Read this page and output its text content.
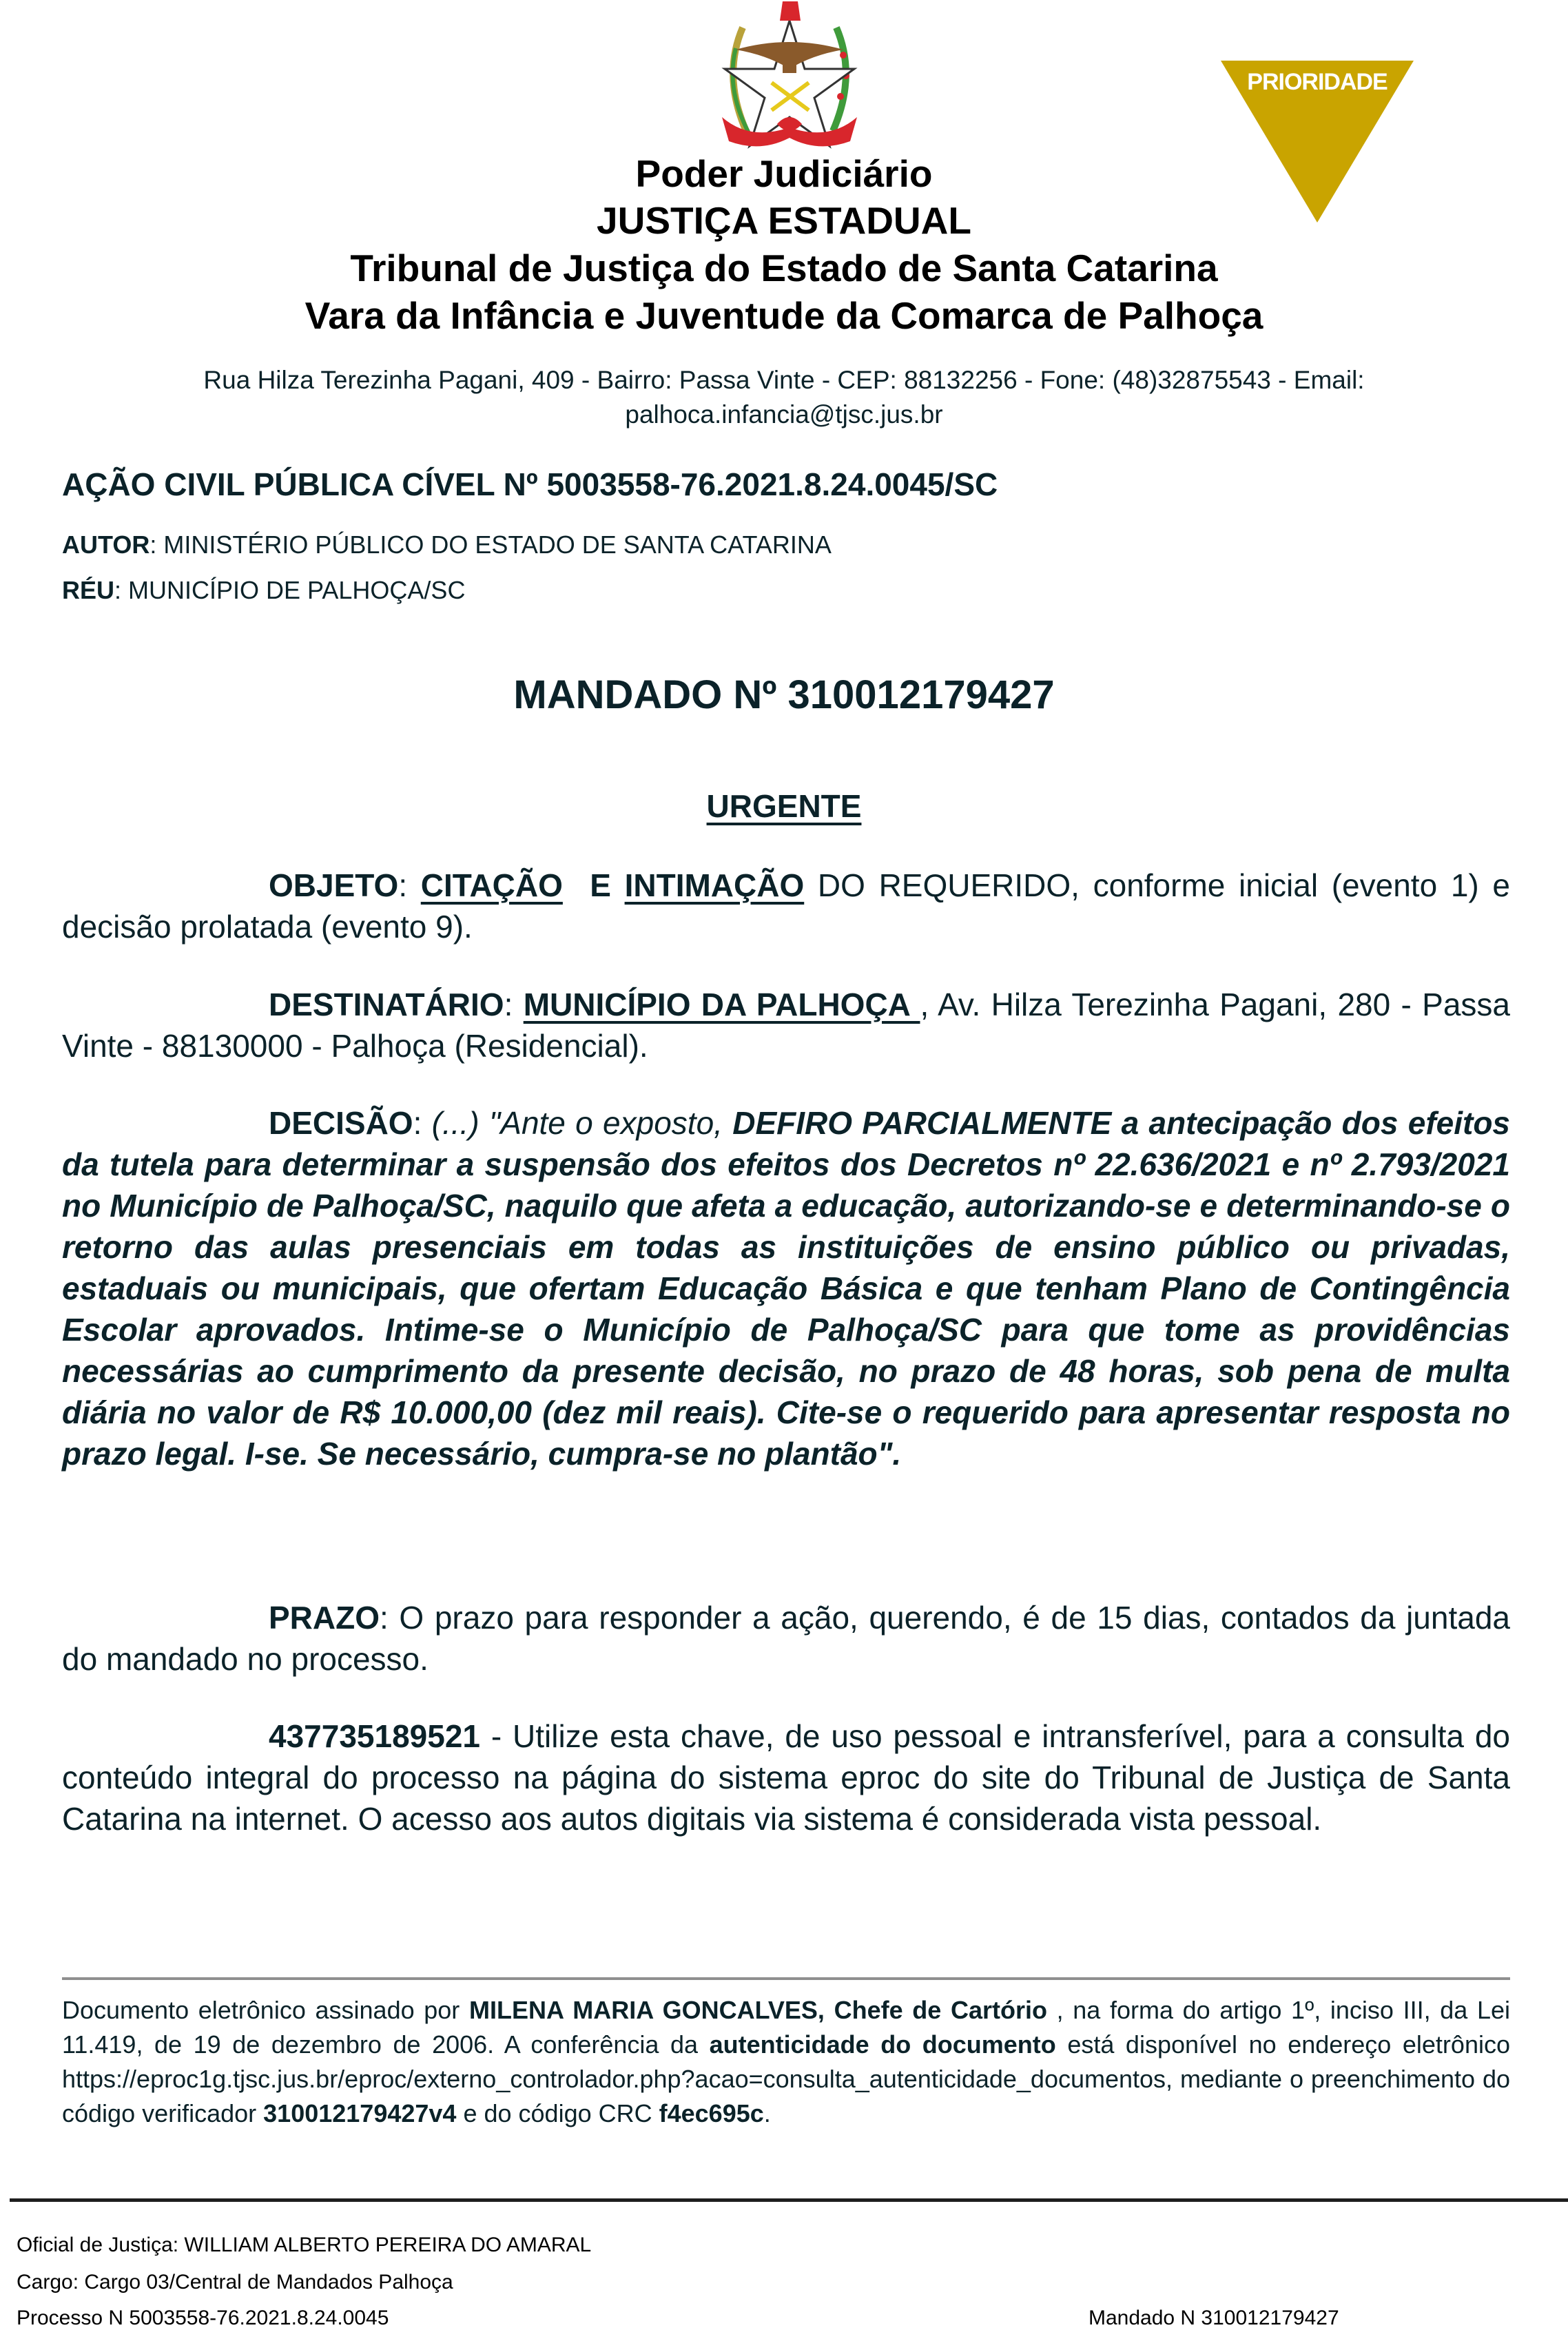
PRIORIDADE
Poder Judiciário
JUSTIÇA ESTADUAL
Tribunal de Justiça do Estado de Santa Catarina
Vara da Infância e Juventude da Comarca de Palhoça
Rua Hilza Terezinha Pagani, 409 - Bairro: Passa Vinte - CEP: 88132256 - Fone: (48)32875543 - Email:
palhoca.infancia@tjsc.jus.br
AÇÃO CIVIL PÚBLICA CÍVEL Nº 5003558-76.2021.8.24.0045/SC
AUTOR: MINISTÉRIO PÚBLICO DO ESTADO DE SANTA CATARINA
RÉU: MUNICÍPIO DE PALHOÇA/SC
MANDADO Nº 310012179427
URGENTE
OBJETO: CITAÇÃO E INTIMAÇÃO DO REQUERIDO, conforme inicial (evento 1) e decisão prolatada (evento 9).
DESTINATÁRIO: MUNICÍPIO DA PALHOÇA , Av. Hilza Terezinha Pagani, 280 - Passa Vinte - 88130000 - Palhoça (Residencial).
DECISÃO: (...) "Ante o exposto, DEFIRO PARCIALMENTE a antecipação dos efeitos da tutela para determinar a suspensão dos efeitos dos Decretos nº 22.636/2021 e nº 2.793/2021 no Município de Palhoça/SC, naquilo que afeta a educação, autorizando-se e determinando-se o retorno das aulas presenciais em todas as instituições de ensino público ou privadas, estaduais ou municipais, que ofertam Educação Básica e que tenham Plano de Contingência Escolar aprovados. Intime-se o Município de Palhoça/SC para que tome as providências necessárias ao cumprimento da presente decisão, no prazo de 48 horas, sob pena de multa diária no valor de R$ 10.000,00 (dez mil reais). Cite-se o requerido para apresentar resposta no prazo legal. I-se. Se necessário, cumpra-se no plantão".
PRAZO: O prazo para responder a ação, querendo, é de 15 dias, contados da juntada do mandado no processo.
437735189521 - Utilize esta chave, de uso pessoal e intransferível, para a consulta do conteúdo integral do processo na página do sistema eproc do site do Tribunal de Justiça de Santa Catarina na internet. O acesso aos autos digitais via sistema é considerada vista pessoal.
Documento eletrônico assinado por MILENA MARIA GONCALVES, Chefe de Cartório , na forma do artigo 1º, inciso III, da Lei 11.419, de 19 de dezembro de 2006. A conferência da autenticidade do documento está disponível no endereço eletrônico https://eproc1g.tjsc.jus.br/eproc/externo_controlador.php?acao=consulta_autenticidade_documentos, mediante o preenchimento do código verificador 310012179427v4 e do código CRC f4ec695c.
Oficial de Justiça: WILLIAM ALBERTO PEREIRA DO AMARAL
Cargo: Cargo 03/Central de Mandados Palhoça
Processo N 5003558-76.2021.8.24.0045	Mandado N 310012179427
